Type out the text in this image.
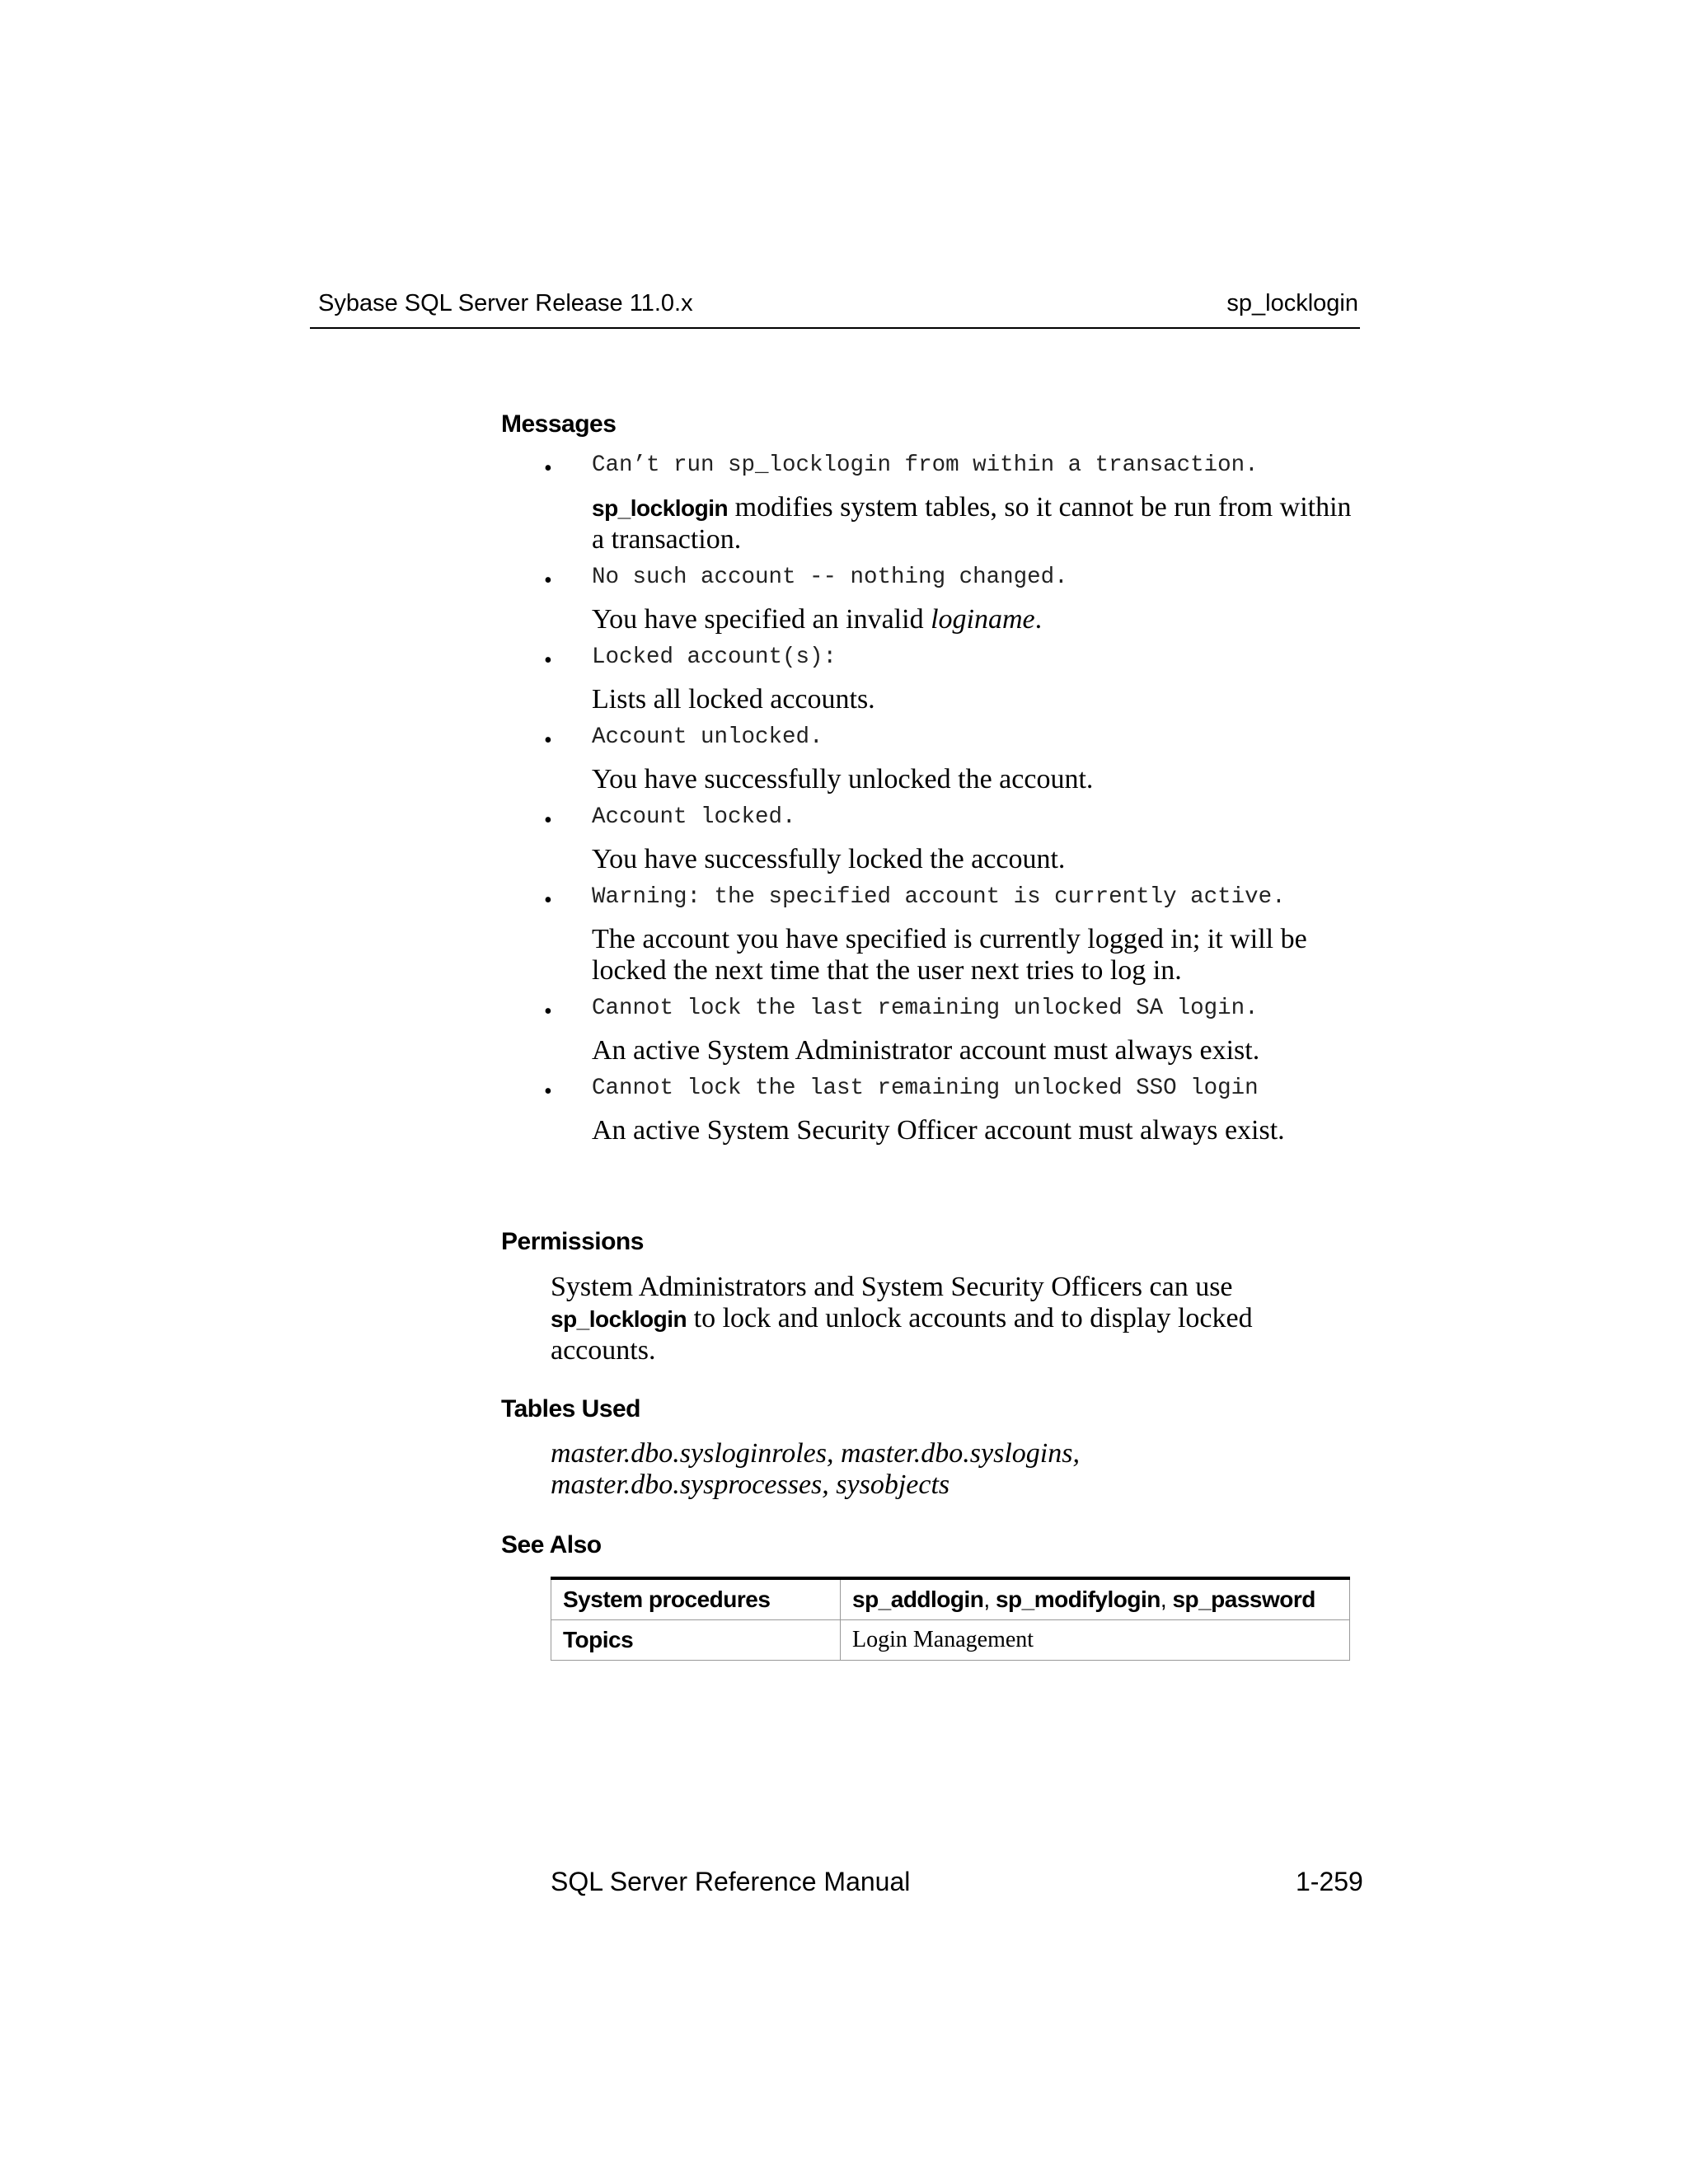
Sybase SQL Server Release 11.0.x	sp_locklogin
Messages
• Can’t run sp_locklogin from within a transaction.
sp_locklogin modifies system tables, so it cannot be run from within a transaction.
• No such account -- nothing changed.
You have specified an invalid loginame.
• Locked account(s):
Lists all locked accounts.
• Account unlocked.
You have successfully unlocked the account.
• Account locked.
You have successfully locked the account.
• Warning: the specified account is currently active.
The account you have specified is currently logged in; it will be locked the next time that the user next tries to log in.
• Cannot lock the last remaining unlocked SA login.
An active System Administrator account must always exist.
• Cannot lock the last remaining unlocked SSO login
An active System Security Officer account must always exist.
Permissions
System Administrators and System Security Officers can use sp_locklogin to lock and unlock accounts and to display locked accounts.
Tables Used
master.dbo.sysloginroles, master.dbo.syslogins, master.dbo.sysprocesses, sysobjects
See Also
System procedures	sp_addlogin, sp_modifylogin, sp_password
Topics	Login Management
SQL Server Reference Manual	1-259
